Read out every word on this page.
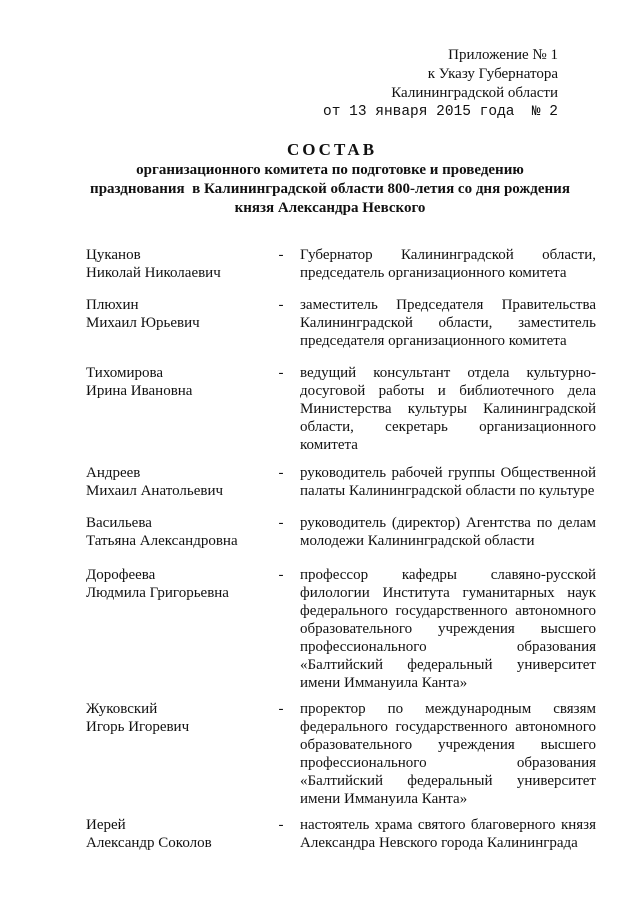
Приложение № 1
к Указу Губернатора
Калининградской области
от 13 января 2015 года  № 2
СОСТАВ
организационного комитета по подготовке и проведению
празднования  в Калининградской области 800-летия со дня рождения
князя Александра Невского
Цуканов
Николай Николаевич
- Губернатор Калининградской области, председатель организационного комитета
Плюхин
Михаил Юрьевич
- заместитель Председателя Правительства Калининградской области, заместитель председателя организационного комитета
Тихомирова
Ирина Ивановна
- ведущий консультант отдела культурно-досуговой работы и библиотечного дела Министерства культуры Калининградской области, секретарь организационного комитета
Андреев
Михаил Анатольевич
- руководитель рабочей группы Общественной палаты Калининградской области по культуре
Васильева
Татьяна Александровна
- руководитель (директор) Агентства по делам молодежи Калининградской области
Дорофеева
Людмила Григорьевна
- профессор кафедры славяно-русской филологии Института гуманитарных наук федерального государственного автономного образовательного учреждения высшего профессионального образования «Балтийский федеральный университет имени Иммануила Канта»
Жуковский
Игорь Игоревич
- проректор по международным связям федерального государственного автономного образовательного учреждения высшего профессионального образования «Балтийский федеральный университет имени Иммануила Канта»
Иерей
Александр Соколов
- настоятель храма святого благоверного князя Александра Невского города Калининграда
